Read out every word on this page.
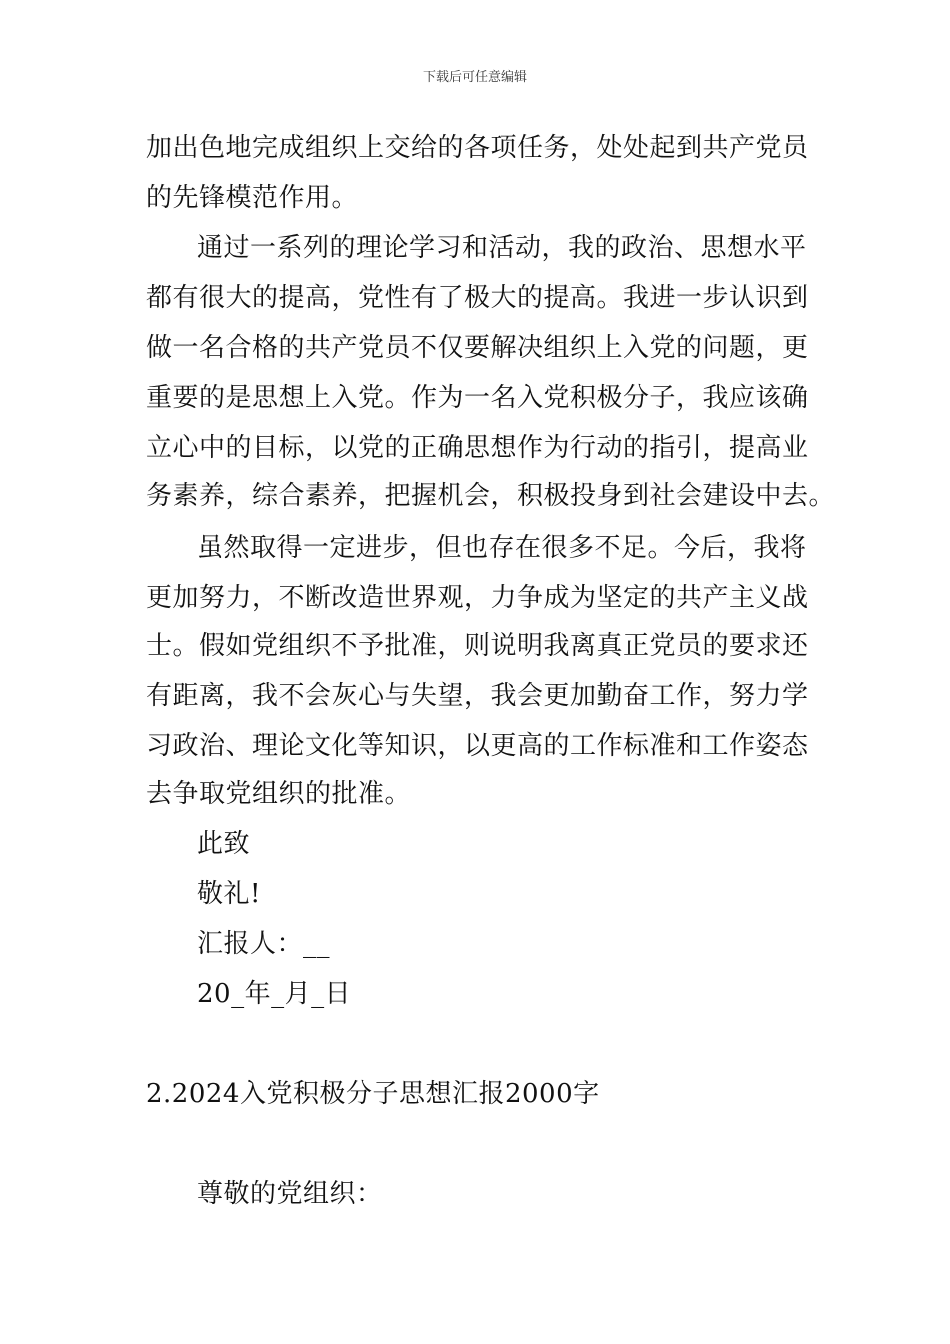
下载后可任意编辑
加出色地完成组织上交给的各项任务，处处起到共产党员
的先锋模范作用。
通过一系列的理论学习和活动，我的政治、思想水平
都有很大的提高，党性有了极大的提高。我进一步认识到
做一名合格的共产党员不仅要解决组织上入党的问题，更
重要的是思想上入党。作为一名入党积极分子，我应该确
立心中的目标，以党的正确思想作为行动的指引，提高业
务素养，综合素养，把握机会，积极投身到社会建设中去。
虽然取得一定进步，但也存在很多不足。今后，我将
更加努力，不断改造世界观，力争成为坚定的共产主义战
士。假如党组织不予批准，则说明我离真正党员的要求还
有距离，我不会灰心与失望，我会更加勤奋工作，努力学
习政治、理论文化等知识，以更高的工作标准和工作姿态
去争取党组织的批准。
此致
敬礼!
汇报人：__
20_年_月_日
2.2024入党积极分子思想汇报2000字
尊敬的党组织：
